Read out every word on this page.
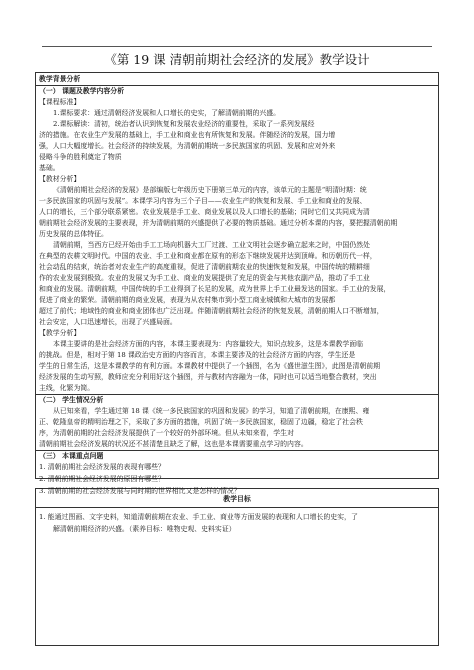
《第 19 课 清朝前期社会经济的发展》教学设计
教学背景分析
（一） 课题及教学内容分析
【课程标准】
1.课标要求：通过清朝经济发展和人口增长的史实，了解清朝前期的兴盛。
2.课标解读：清初，统治者认识到恢复和发展农业经济的重要性，采取了一系列发展经
济的措施。在农业生产发展的基础上，手工业和商业也有所恢复和发展。伴随经济的发展，国力增
强，人口大幅度增长。社会经济的持续发展，为清朝前期统一多民族国家的巩固、发展和应对外来
侵略斗争的胜利奠定了物质
基础。
【教材分析】
《清朝前期社会经济的发展》是部编版七年级历史下册第三单元的内容，该单元的主题是“明清时期：统
一多民族国家的巩固与发展”。本课学习内容为三个子目——农业生产的恢复和发展、手工业和商业的发展、
人口的增长，三个部分联系紧密。农业发展是手工业、商业发展以及人口增长的基础；同时它们又共同成为清
朝前期社会经济发展的主要表现，并为清朝前期的兴盛提供了必要的物质基础。通过分析本课的内容，要把握清朝前期
历史发展的总体特征。
清朝前期，当西方已经开始由手工工场向机器大工厂过渡、工业文明社会逐步确立起来之时，中国仍然处
在典型的农耕文明时代。中国的农业、手工业和商业都在原有的形态下继续发展并达到顶峰。和历朝历代一样，
社会动乱的结束，统治者对农业生产的高度重视，促进了清朝前期农业的快速恢复和发展，中国传统的精耕细
作的农业发展到极致。农业的发展又为手工业、商业的发展提供了充足的资金与其他农副产品，推动了手工业
和商业的发展。清朝前期，中国传统的手工业得到了长足的发展，成为世界上手工业最发达的国家。手工业的发展，
促进了商业的繁荣。清朝前期的商业发展，表现为从农村集市到小型工商业城镇和大城市的发展都
超过了前代；地域性的商业和商业团体也广泛出现。伴随清朝前期社会经济的恢复发展，清朝前期人口不断增加，
社会安定，人口迅速增长，出现了兴盛局面。
【教学分析】
本课主要讲的是社会经济方面的内容，本课主要表现为：内容量较大，知识点较多，这是本课教学面临
的挑战。但是，相对于第 18 课政治史方面的内容而言，本课主要涉及的社会经济方面的内容，学生还是
学生的日常生活，这是本课教学的有利方面。本课教材中提供了一个插图，名为《盛世滋生图》，此图是清朝前期
经济发展的生动写照，教师应充分利用好这个插图，并与教材内容融为一体，同时也可以适当地整合教材，突出
主线，化繁为简。
（二） 学生情况分析
从已知来看，学生通过第 18 课《统一多民族国家的巩固和发展》的学习，知道了清朝前期，在康熙、雍
正、乾隆皇帝的精明治理之下，采取了多方面的措施，巩固了统一多民族国家，稳固了边疆，稳定了社会秩
序，为清朝前期的社会经济发展提供了一个较好的外部环境。但从未知来看，学生对
清朝前期社会经济发展的状况还不甚清楚且缺乏了解，这也是本课需要重点学习的内容。
（三） 本课重点问题
1. 清朝前期社会经济发展的表现有哪些？
2. 清朝前期社会经济发展的原因有哪些？
3. 清朝前期的社会经济发展与同时期的世界相比又是怎样的情况？
1. 能通过图画、文字史料，知道清朝前期在农业、手工业、商业等方面发展的表现和人口增长的史实，了
解清朝前期经济的兴盛。（素养目标：唯物史观、史料实证）
教学目标
